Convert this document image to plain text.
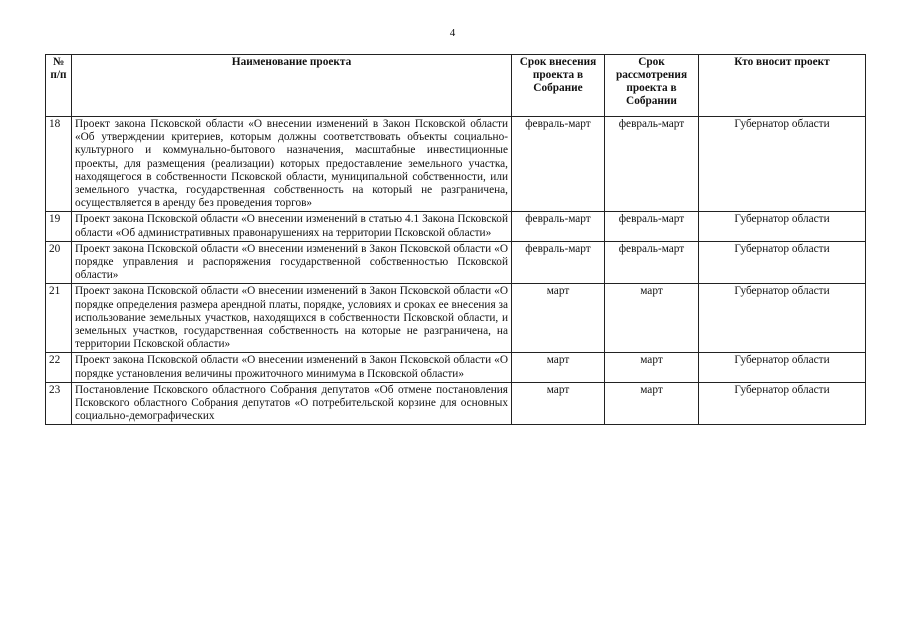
4
№ п/п	Наименование проекта	Срок внесения проекта в Собрание	Срок рассмотрения проекта в Собрании	Кто вносит проект
18	Проект закона Псковской области «О внесении изменений в Закон Псковской области «Об утверждении критериев, которым должны соответствовать объекты социально-культурного и коммунально-бытового назначения, масштабные инвестиционные проекты, для размещения (реализации) которых предоставление земельного участка, находящегося в собственности Псковской области, муниципальной собственности, или земельного участка, государственная собственность на который не разграничена, осуществляется в аренду без проведения торгов»	февраль-март	февраль-март	Губернатор области
19	Проект закона Псковской области «О внесении изменений в статью 4.1 Закона Псковской области «Об административных правонарушениях на территории Псковской области»	февраль-март	февраль-март	Губернатор области
20	Проект закона Псковской области «О внесении изменений в Закон Псковской области «О порядке управления и распоряжения государственной собственностью Псковской области»	февраль-март	февраль-март	Губернатор области
21	Проект закона Псковской области «О внесении изменений в Закон Псковской области «О порядке определения размера арендной платы, порядке, условиях и сроках ее внесения за использование земельных участков, находящихся в собственности Псковской области, и земельных участков, государственная собственность на которые не разграничена, на территории Псковской области»	март	март	Губернатор области
22	Проект закона Псковской области «О внесении изменений в Закон Псковской области «О порядке установления величины прожиточного минимума в Псковской области»	март	март	Губернатор области
23	Постановление Псковского областного Собрания депутатов «Об отмене постановления Псковского областного Собрания депутатов «О потребительской корзине для основных социально-демографических	март	март	Губернатор области
